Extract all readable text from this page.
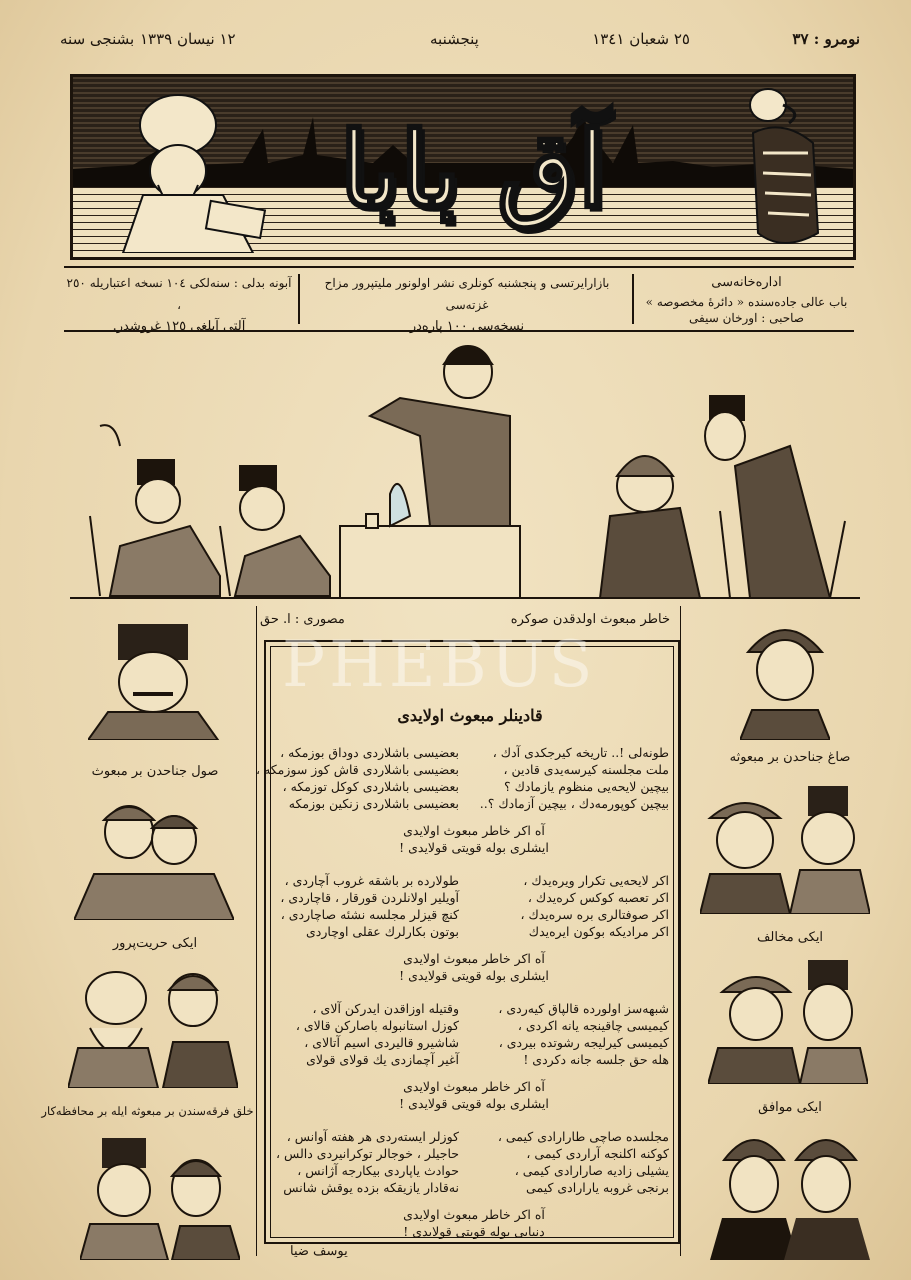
نومرو : ٣٧
٢٥ شعبان ١٣٤١
پنجشنبه
١٢ نیسان ١٣٣٩
بشنجی سنه
آق بابا
اداره‌خانه‌سی
باب عالی جاده‌سنده « دائرهٔ مخصوصه »
صاحبی : اورخان سیفی
بازارایرتسی و پنجشنبه کونلری نشر اولونور ملیتپرور مزاح غزته‌سی
نسخه‌سی ١٠٠ پاره‌در
آبونه بدلی : سنه‌لکی ١٠٤ نسخه اعتباریله ٢٥٠ ،
آلتی آیلغی ١٢٥ غروشدر.
خاطر مبعوث اولدقدن صوکره
مصوری : ا. حق
صول جناحدن بر مبعوث
ایکی حریت‌پرور
خلق فرقه‌سندن بر مبعوثه ایله بر محافظه‌کار
صاغ جناحدن بر مبعوثه
ایکی مخالف
ایکی موافق
قادینلر مبعوث اولایدی
PHEBUS
طونه‌لی !.. تاریخه کیرجکدی آدك ،
ملت مجلسنه کیرسه‌یدی قادین ،
بیچین لایحه‌یی منظوم یازمادك ؟
بیچین کوپورمه‌دك ، بیچین آزمادك ؟..
بعضیسی باشلاردی دوداق بوزمکه ،
بعضیسی باشلاردی قاش کوز سوزمکه ،
بعضیسی باشلاردی کوکل توزمکه ،
بعضیسی باشلاردی زنکین بوزمکه
آه اکر خاطر مبعوث اولایدی
ایشلری بوله قویتی قولایدی !
اکر لایحه‌یی تکرار ویره‌یدك ،
اکر تعصبه کوکس کره‌یدك ،
اکر صوفتالری بره سره‌یدك ،
اکر مرادیکه بوکون ایره‌یدك
طولارده بر باشقه غروب آچاردی ،
آویلیر اولانلردن قورقار ، قاچاردی ،
کنچ قیزلر مجلسه نشئه صاچاردی ،
بوتون بکارلرك عقلی اوچاردی
آه اکر خاطر مبعوث اولایدی
ایشلری بوله قویتی قولایدی !
شبهه‌سز اولورده قالپاق کیه‌ردی ،
کیمیسی چاقینجه یانه اکردی ،
کیمیسی کیرلیجه رشوتده بیردی ،
هله حق جلسه جانه دکردی !
وقتیله اوزاقدن ایدرکن آلای ،
کوزل استانبوله باصارکن قالای ،
شاشیرو قالیردی اسیم آتالای ،
آغیر آچمازدی یك قولای قولای
آه اکر خاطر مبعوث اولایدی
ایشلری بوله قویتی قولایدی !
مجلسده صاچی طارارادی کیمی ،
کوکنه اکلنجه آراردی کیمی ،
یشیلی زادیه صارارادی کیمی ،
برنجی غروبه یارارادی کیمی
کوزلر ایسته‌ردی هر هفته آوانس ،
حاجیلر ، خوجالر توکرانیردی دالس ،
حوادث یاپاردی بیکارجه آژانس ،
نه‌قادار یازیقکه بزده یوقش شانس
آه اکر خاطر مبعوث اولایدی
دنیایی بوله قویتی قولایدی !
یوسف ضیا
